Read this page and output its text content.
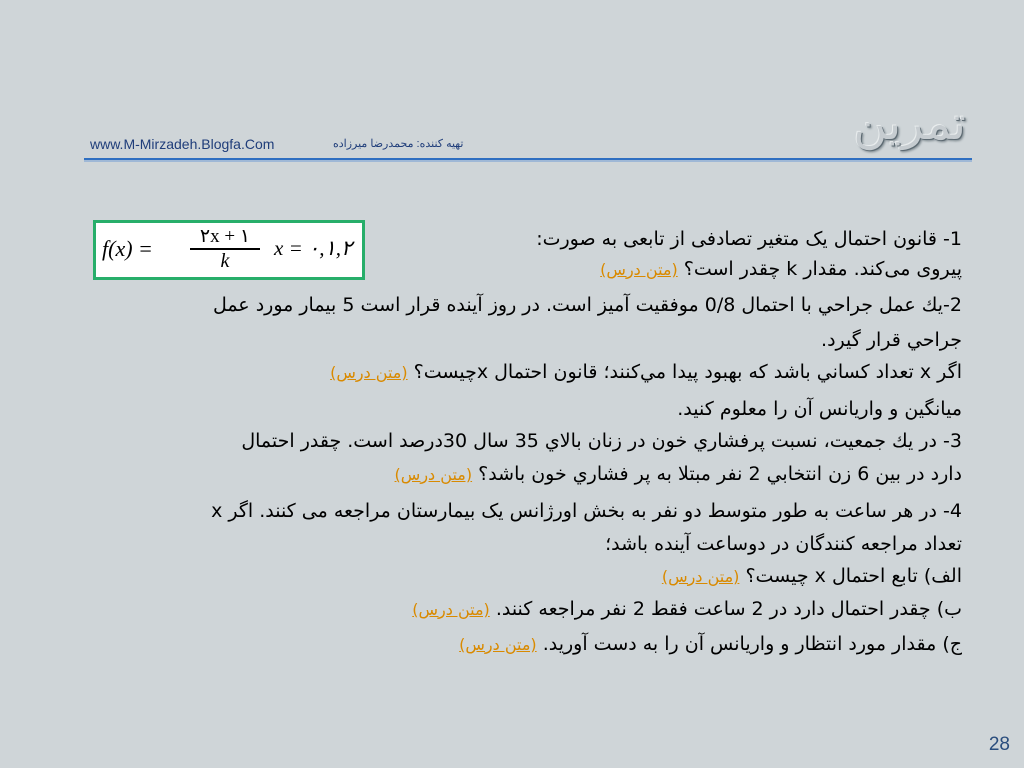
تمرین
www.M-Mirzadeh.Blogfa.Com	تهیه کننده: محمدرضا میرزاده
$f(x) = \frac{۲x + ۱}{k}$ x = ۰,۱,۲	1- قانون احتمال یک متغیر تصادفی از تابعی به صورت:
پیروی می‌کند. مقدار k چقدر است؟ (متن درس)
2-يك عمل جراحي با احتمال 0/8 موفقيت آميز است. در روز آينده قرار است 5 بيمار مورد عمل
جراحي قرار گيرد.
اگر x تعداد كساني باشد كه بهبود پيدا مي‌كنند؛ قانون احتمال xچيست؟ (متن درس)
ميانگين و واريانس آن را معلوم كنيد.
3- در يك جمعيت، نسبت پرفشاري خون در زنان بالاي 35 سال 30درصد است. چقدر احتمال
دارد در بين 6 زن انتخابي 2 نفر مبتلا به پر فشاري خون باشد؟ (متن درس)
4- در هر ساعت به طور متوسط دو نفر به بخش اورژانس یک بیمارستان مراجعه می کنند. اگر x
تعداد مراجعه کنندگان در دوساعت آینده باشد؛
الف) تابع احتمال x چیست؟ (متن درس)
ب) چقدر احتمال دارد در 2 ساعت فقط 2 نفر مراجعه کنند. (متن درس)
ج) مقدار مورد انتظار و واریانس آن را به دست آورید. (متن درس)
28
